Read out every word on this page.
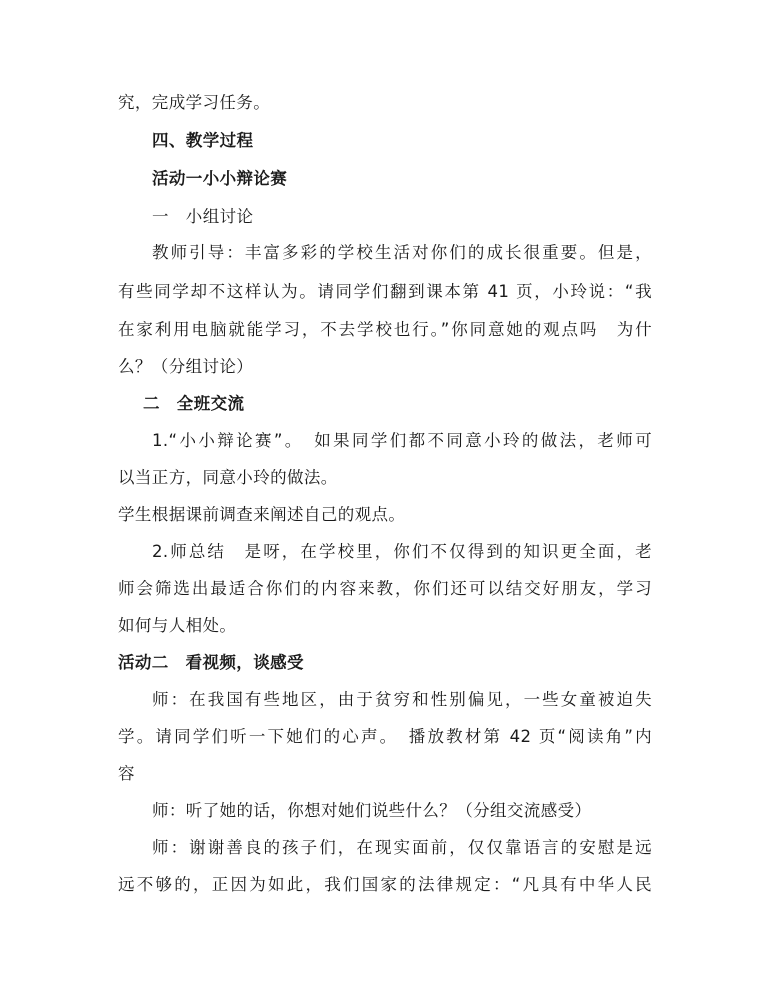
究，完成学习任务。

四、教学过程

活动一小小辩论赛

一　小组讨论

教师引导：丰富多彩的学校生活对你们的成长很重要。但是，

有些同学却不这样认为。请同学们翻到课本第 41 页，小玲说：“我

在家利用电脑就能学习，不去学校也行。”你同意她的观点吗　为什

么？（分组讨论）

二　全班交流

1.“小小辩论赛”。　如果同学们都不同意小玲的做法，老师可

以当正方，同意小玲的做法。

学生根据课前调查来阐述自己的观点。

2.师总结　是呀，在学校里，你们不仅得到的知识更全面，老

师会筛选出最适合你们的内容来教，你们还可以结交好朋友，学习

如何与人相处。

活动二　看视频，谈感受

师：在我国有些地区，由于贫穷和性别偏见，一些女童被迫失

学。请同学们听一下她们的心声。　播放教材第 42 页“阅读角”内

容

师：听了她的话，你想对她们说些什么？（分组交流感受）

师：谢谢善良的孩子们，在现实面前，仅仅靠语言的安慰是远

远不够的，正因为如此，我们国家的法律规定：“凡具有中华人民
